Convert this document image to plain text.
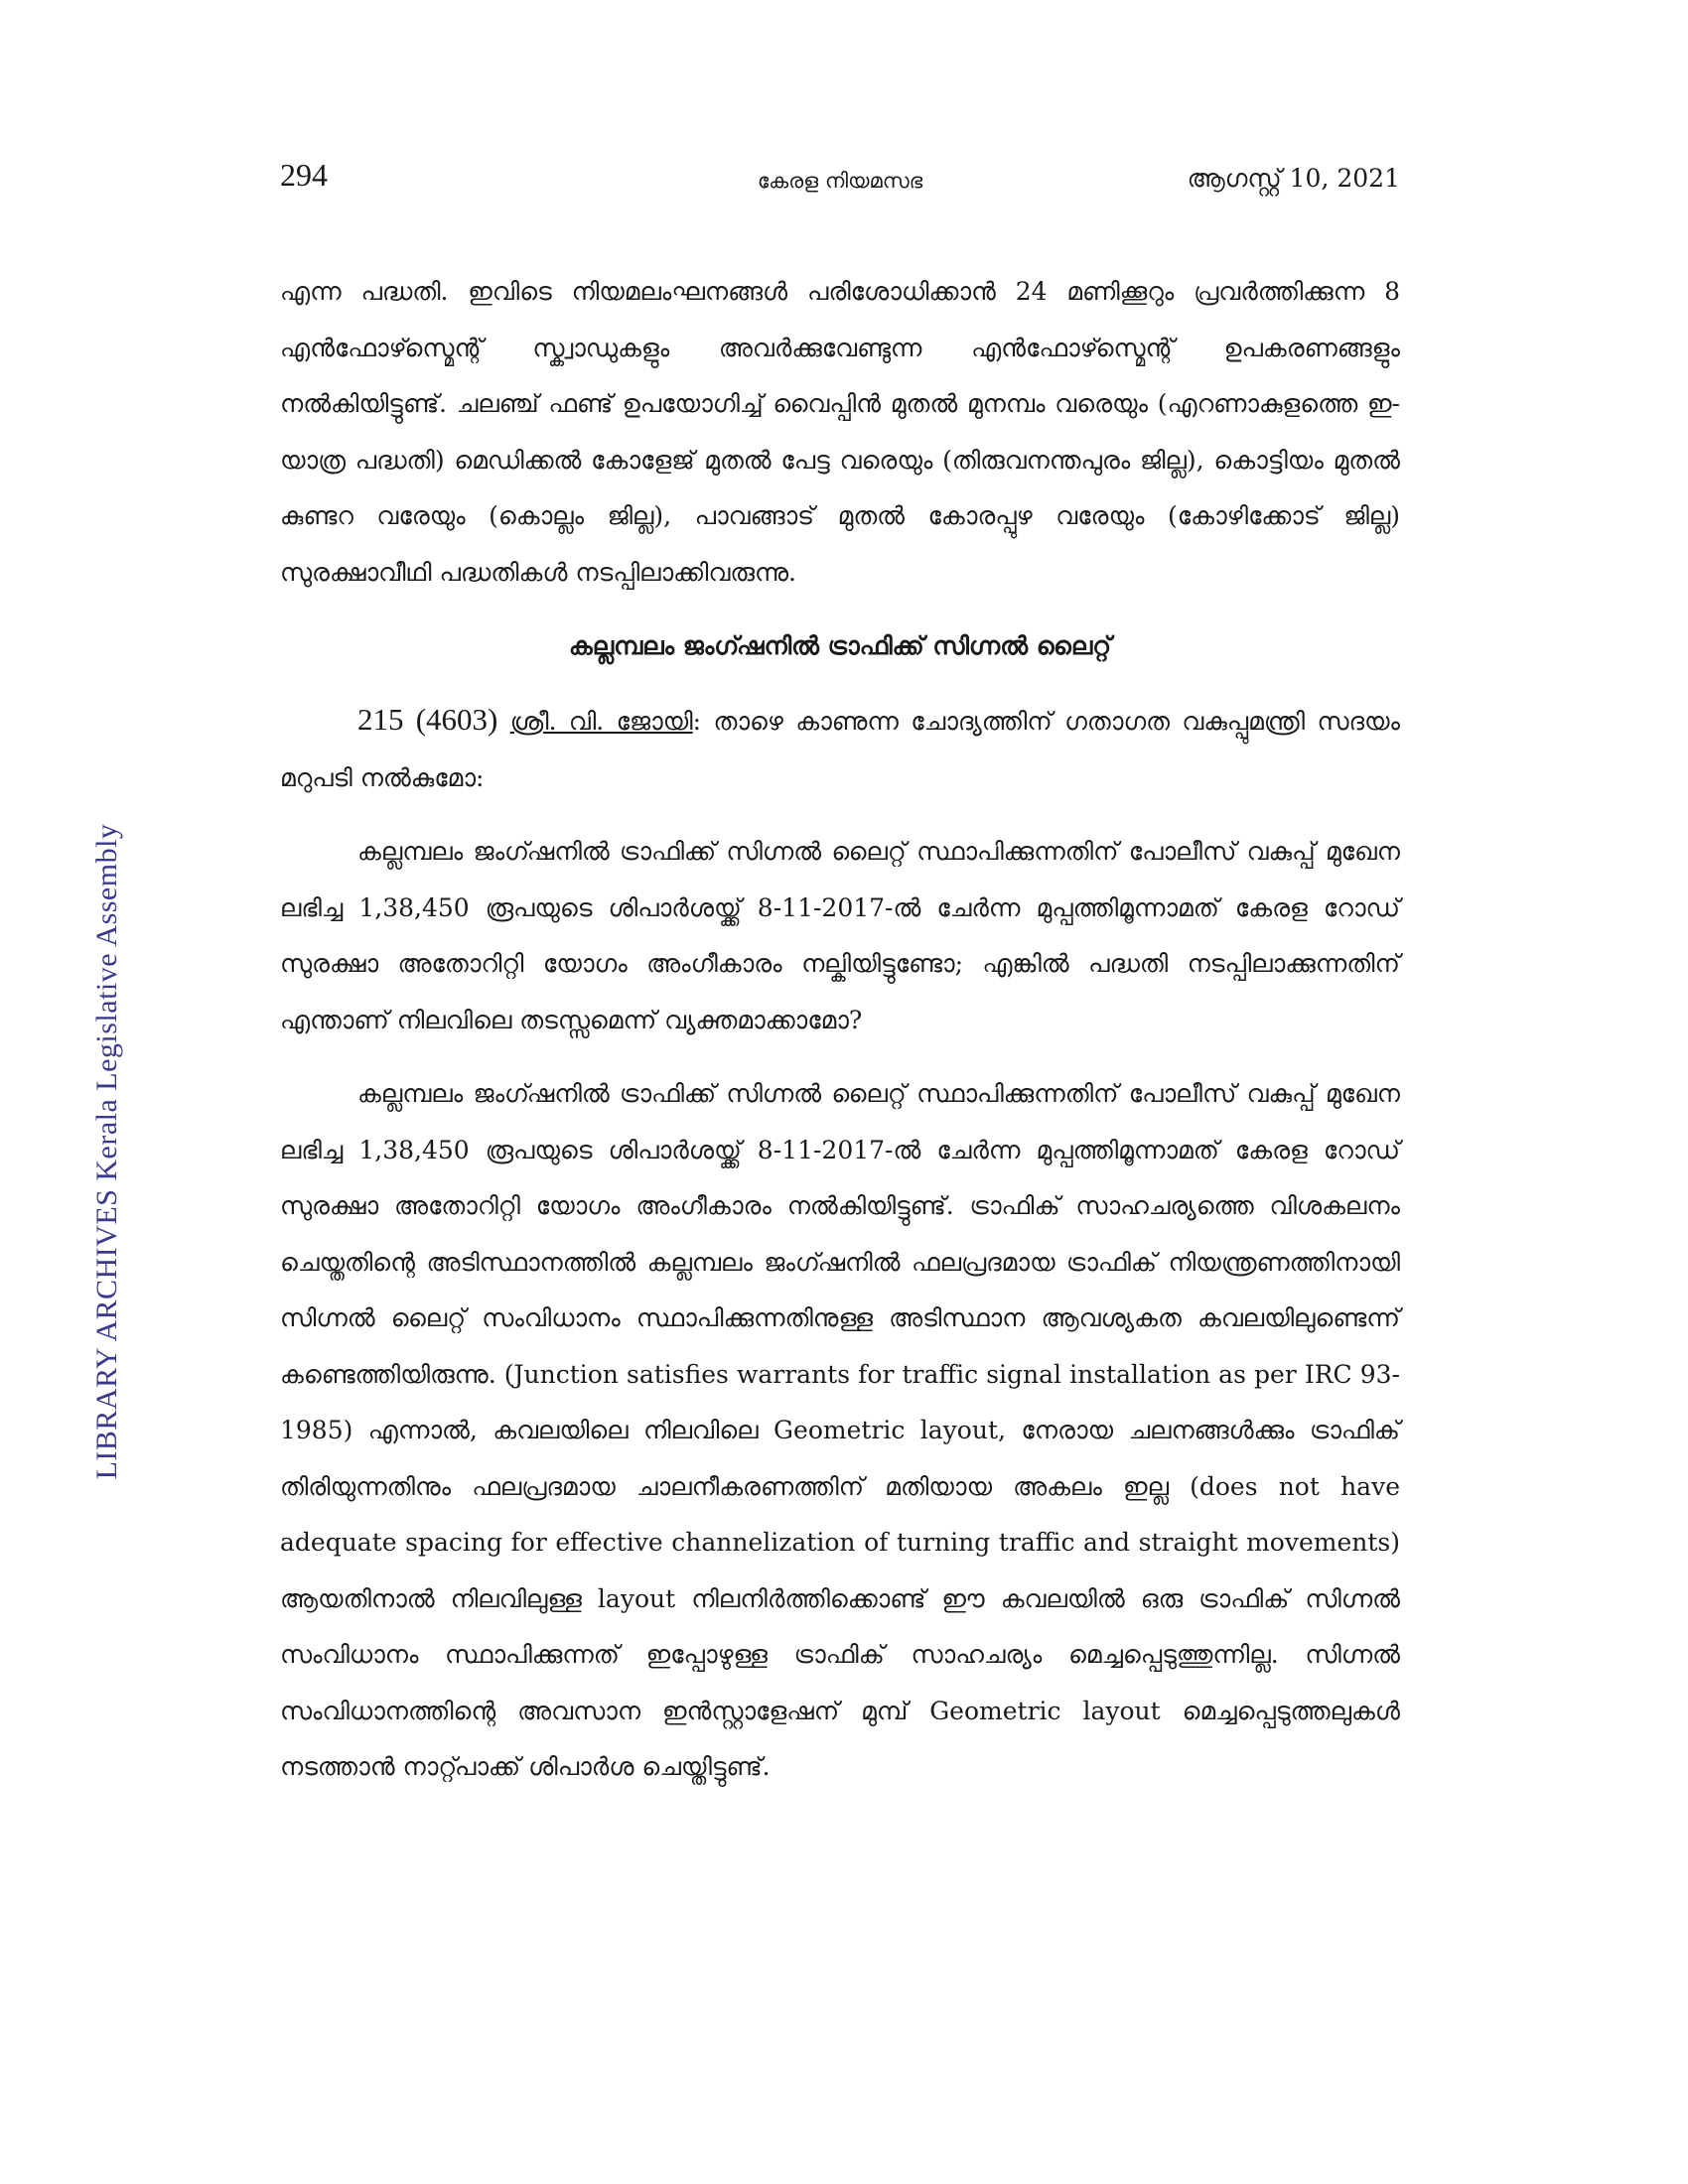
LIBRARY ARCHIVES Kerala Legislative Assembly
294	കേരള നിയമസഭ	ആഗസ്റ്റ് 10, 2021

എന്ന പദ്ധതി. ഇവിടെ നിയമലംഘനങ്ങൾ പരിശോധിക്കാൻ 24 മണിക്കൂറും പ്രവർത്തിക്കുന്ന 8 എൻഫോഴ്സ്മെന്റ് സ്ക്വാഡുകളും അവർക്കുവേണ്ടുന്ന എൻഫോഴ്സ്മെന്റ് ഉപകരണങ്ങളും നൽകിയിട്ടുണ്ട്. ചലഞ്ച് ഫണ്ട് ഉപയോഗിച്ച് വൈപ്പിൻ മുതൽ മുനമ്പം വരെയും (എറണാകുളത്തെ ഇ-യാത്ര പദ്ധതി) മെഡിക്കൽ കോളേജ് മുതൽ പേട്ട വരെയും (തിരുവനന്തപുരം ജില്ല), കൊട്ടിയം മുതൽ കുണ്ടറ വരേയും (കൊല്ലം ജില്ല), പാവങ്ങാട് മുതൽ കോരപ്പുഴ വരേയും (കോഴിക്കോട് ജില്ല) സുരക്ഷാവീഥി പദ്ധതികൾ നടപ്പിലാക്കിവരുന്നു.

കല്ലമ്പലം ജംഗ്ഷനിൽ ട്രാഫിക്ക് സിഗ്നൽ ലൈറ്റ്

215 (4603) ശ്രീ. വി. ജോയി: താഴെ കാണുന്ന ചോദ്യത്തിന് ഗതാഗത വകുപ്പുമന്ത്രി സദയം മറുപടി നൽകുമോ:

കല്ലമ്പലം ജംഗ്ഷനിൽ ട്രാഫിക്ക് സിഗ്നൽ ലൈറ്റ് സ്ഥാപിക്കുന്നതിന് പോലീസ് വകുപ്പ് മുഖേന ലഭിച്ച 1,38,450 രൂപയുടെ ശിപാർശയ്ക്ക് 8-11-2017-ൽ ചേർന്ന മുപ്പത്തിമൂന്നാമത് കേരള റോഡ് സുരക്ഷാ അതോറിറ്റി യോഗം അംഗീകാരം നല്കിയിട്ടുണ്ടോ; എങ്കിൽ പദ്ധതി നടപ്പിലാക്കുന്നതിന് എന്താണ് നിലവിലെ തടസ്സമെന്ന് വ്യക്തമാക്കാമോ?

കല്ലമ്പലം ജംഗ്ഷനിൽ ട്രാഫിക്ക് സിഗ്നൽ ലൈറ്റ് സ്ഥാപിക്കുന്നതിന് പോലീസ് വകുപ്പ് മുഖേന ലഭിച്ച 1,38,450 രൂപയുടെ ശിപാർശയ്ക്ക് 8-11-2017-ൽ ചേർന്ന മുപ്പത്തിമൂന്നാമത് കേരള റോഡ് സുരക്ഷാ അതോറിറ്റി യോഗം അംഗീകാരം നൽകിയിട്ടുണ്ട്. ട്രാഫിക് സാഹചര്യത്തെ വിശകലനം ചെയ്തതിന്റെ അടിസ്ഥാനത്തിൽ കല്ലമ്പലം ജംഗ്ഷനിൽ ഫലപ്രദമായ ട്രാഫിക് നിയന്ത്രണത്തിനായി സിഗ്നൽ ലൈറ്റ് സംവിധാനം സ്ഥാപിക്കുന്നതിനുള്ള അടിസ്ഥാന ആവശ്യകത കവലയിലുണ്ടെന്ന് കണ്ടെത്തിയിരുന്നു. (Junction satisfies warrants for traffic signal installation as per IRC 93-1985) എന്നാൽ, കവലയിലെ നിലവിലെ Geometric layout, നേരായ ചലനങ്ങൾക്കും ട്രാഫിക് തിരിയുന്നതിനും ഫലപ്രദമായ ചാലനീകരണത്തിന് മതിയായ അകലം ഇല്ല (does not have adequate spacing for effective channelization of turning traffic and straight movements) ആയതിനാൽ നിലവിലുള്ള layout നിലനിർത്തിക്കൊണ്ട് ഈ കവലയിൽ ഒരു ട്രാഫിക് സിഗ്നൽ സംവിധാനം സ്ഥാപിക്കുന്നത് ഇപ്പോഴുള്ള ട്രാഫിക് സാഹചര്യം മെച്ചപ്പെടുത്തുന്നില്ല. സിഗ്നൽ സംവിധാനത്തിന്റെ അവസാന ഇൻസ്റ്റാളേഷന് മുമ്പ് Geometric layout മെച്ചപ്പെടുത്തലുകൾ നടത്താൻ നാറ്റ്പാക്ക് ശിപാർശ ചെയ്തിട്ടുണ്ട്.
